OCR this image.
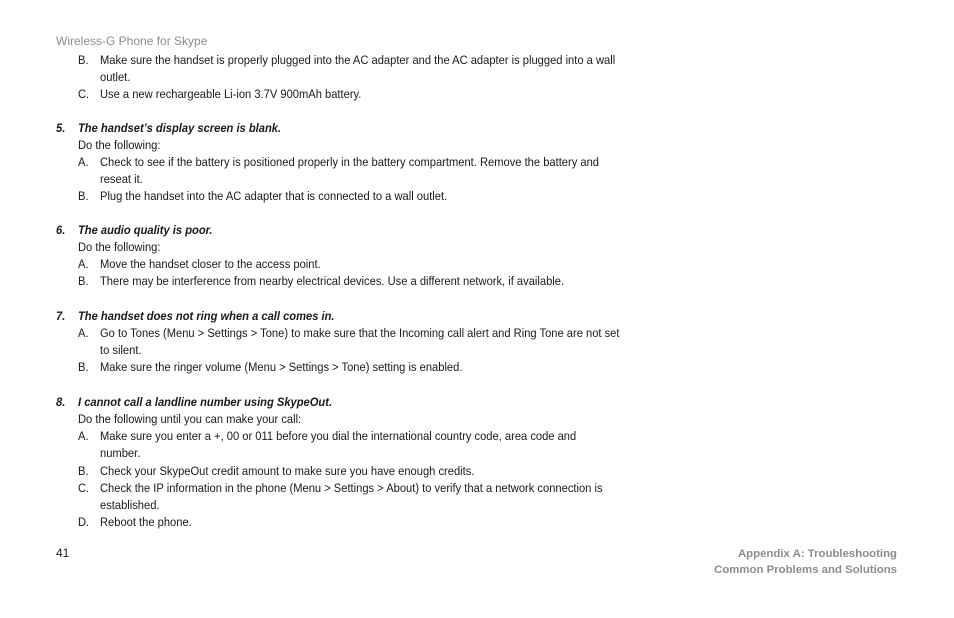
Wireless-G Phone for Skype
B. Make sure the handset is properly plugged into the AC adapter and the AC adapter is plugged into a wall
outlet.
C. Use a new rechargeable Li-ion 3.7V 900mAh battery.
5. The handset’s display screen is blank.
Do the following:
A. Check to see if the battery is positioned properly in the battery compartment. Remove the battery and
reseat it.
B. Plug the handset into the AC adapter that is connected to a wall outlet.
6. The audio quality is poor.
Do the following:
A. Move the handset closer to the access point.
B. There may be interference from nearby electrical devices. Use a different network, if available.
7. The handset does not ring when a call comes in.
A. Go to Tones (Menu > Settings > Tone) to make sure that the Incoming call alert and Ring Tone are not set
to silent.
B. Make sure the ringer volume (Menu > Settings > Tone) setting is enabled.
8. I cannot call a landline number using SkypeOut.
Do the following until you can make your call:
A. Make sure you enter a +, 00 or 011 before you dial the international country code, area code and
number.
B. Check your SkypeOut credit amount to make sure you have enough credits.
C. Check the IP information in the phone (Menu > Settings > About) to verify that a network connection is
established.
D. Reboot the phone.
41	Appendix A: Troubleshooting
Common Problems and Solutions
